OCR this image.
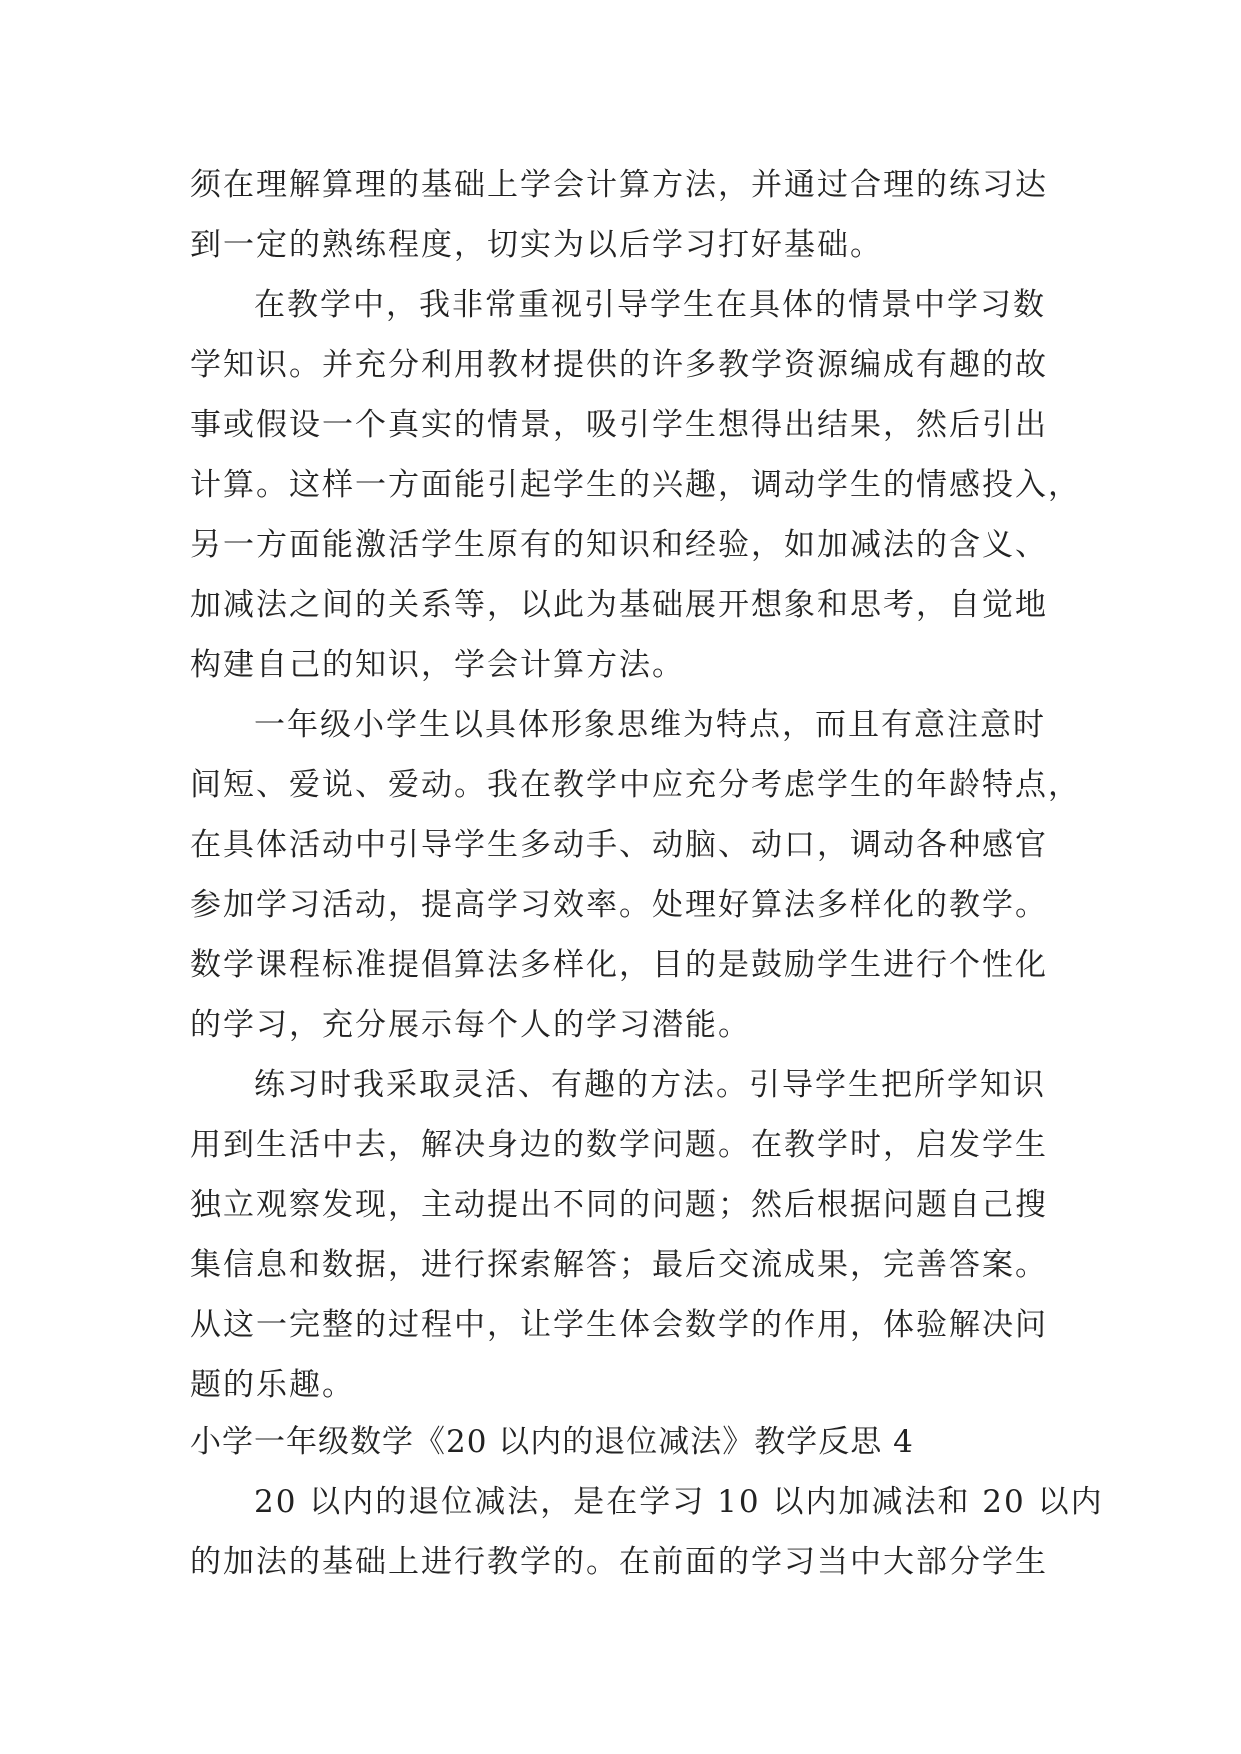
须在理解算理的基础上学会计算方法，并通过合理的练习达
到一定的熟练程度，切实为以后学习打好基础。
在教学中，我非常重视引导学生在具体的情景中学习数
学知识。并充分利用教材提供的许多教学资源编成有趣的故
事或假设一个真实的情景，吸引学生想得出结果，然后引出
计算。这样一方面能引起学生的兴趣，调动学生的情感投入，
另一方面能激活学生原有的知识和经验，如加减法的含义、
加减法之间的关系等，以此为基础展开想象和思考，自觉地
构建自己的知识，学会计算方法。
一年级小学生以具体形象思维为特点，而且有意注意时
间短、爱说、爱动。我在教学中应充分考虑学生的年龄特点，
在具体活动中引导学生多动手、动脑、动口，调动各种感官
参加学习活动，提高学习效率。处理好算法多样化的教学。
数学课程标准提倡算法多样化，目的是鼓励学生进行个性化
的学习，充分展示每个人的学习潜能。
练习时我采取灵活、有趣的方法。引导学生把所学知识
用到生活中去，解决身边的数学问题。在教学时，启发学生
独立观察发现，主动提出不同的问题；然后根据问题自己搜
集信息和数据，进行探索解答；最后交流成果，完善答案。
从这一完整的过程中，让学生体会数学的作用，体验解决问
题的乐趣。
小学一年级数学《20 以内的退位减法》教学反思 4
20 以内的退位减法，是在学习 10 以内加减法和 20 以内
的加法的基础上进行教学的。在前面的学习当中大部分学生
